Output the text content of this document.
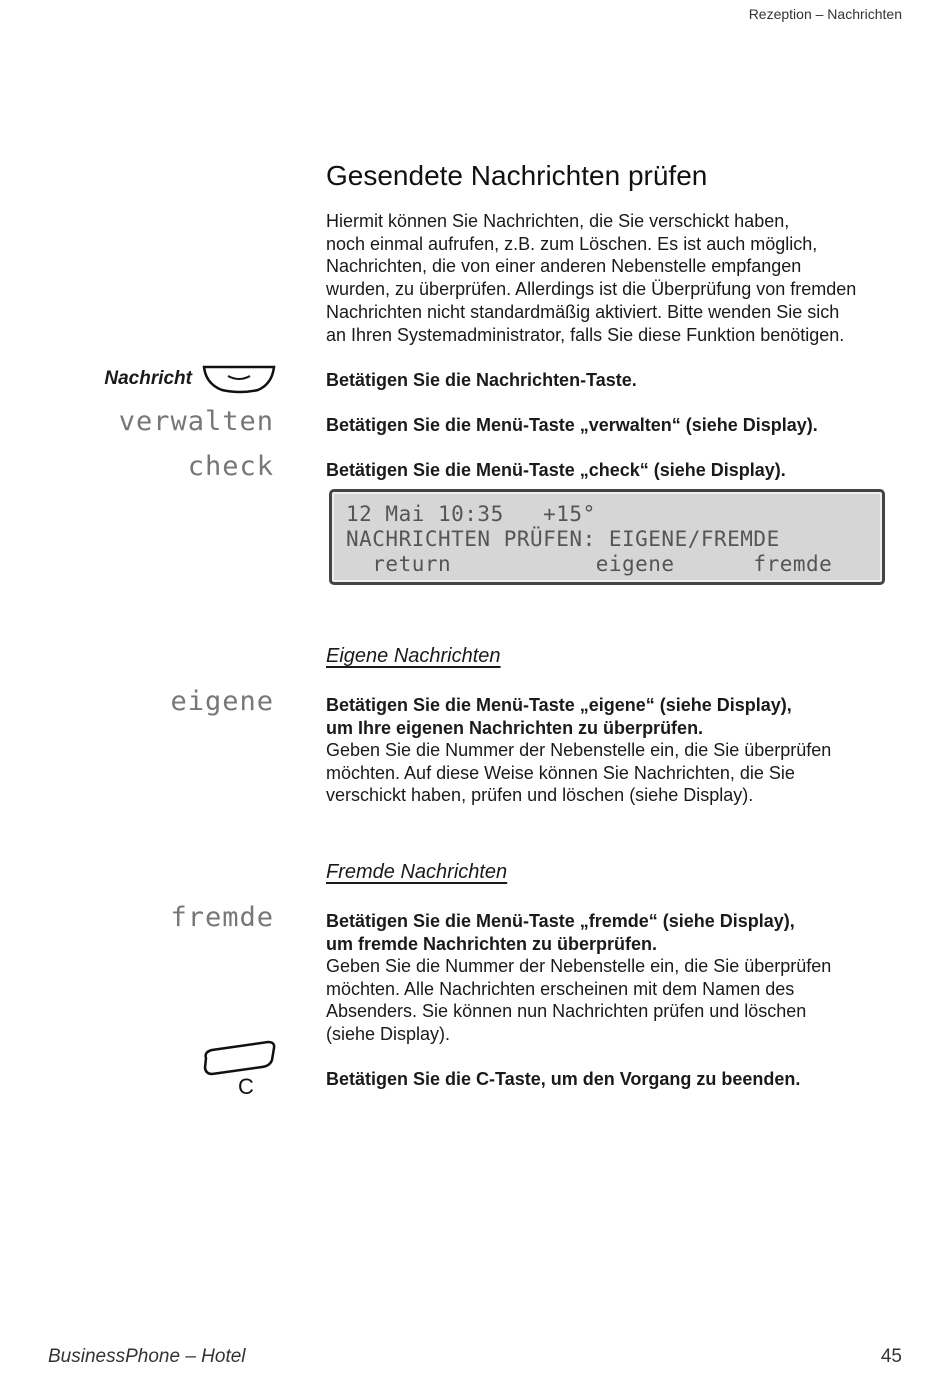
Rezeption – Nachrichten
Gesendete Nachrichten prüfen
Hiermit können Sie Nachrichten, die Sie verschickt haben,
noch einmal aufrufen, z.B. zum Löschen. Es ist auch möglich,
Nachrichten, die von einer anderen Nebenstelle empfangen
wurden, zu überprüfen. Allerdings ist die Überprüfung von fremden
Nachrichten nicht standardmäßig aktiviert. Bitte wenden Sie sich
an Ihren Systemadministrator, falls Sie diese Funktion benötigen.
Nachricht	Betätigen Sie die Nachrichten-Taste.
verwalten	Betätigen Sie die Menü-Taste „verwalten“ (siehe Display).
check	Betätigen Sie die Menü-Taste „check“ (siehe Display).
12 Mai 10:35   +15°
NACHRICHTEN PRÜFEN: EIGENE/FREMDE
return           eigene      fremde
Eigene Nachrichten
eigene	Betätigen Sie die Menü-Taste „eigene“ (siehe Display),
um Ihre eigenen Nachrichten zu überprüfen.
Geben Sie die Nummer der Nebenstelle ein, die Sie überprüfen
möchten. Auf diese Weise können Sie Nachrichten, die Sie
verschickt haben, prüfen und löschen (siehe Display).
Fremde Nachrichten
fremde	Betätigen Sie die Menü-Taste „fremde“ (siehe Display),
um fremde Nachrichten zu überprüfen.
Geben Sie die Nummer der Nebenstelle ein, die Sie überprüfen
möchten. Alle Nachrichten erscheinen mit dem Namen des
Absenders. Sie können nun Nachrichten prüfen und löschen
(siehe Display).
C	Betätigen Sie die C-Taste, um den Vorgang zu beenden.
BusinessPhone – Hotel	45
